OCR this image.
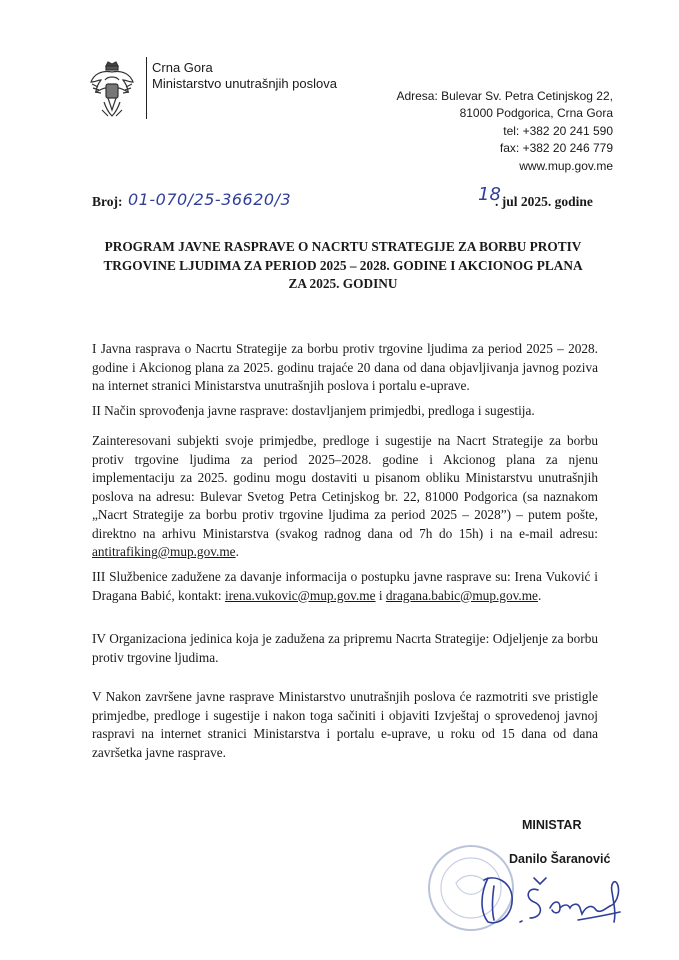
Crna Gora
Ministarstvo unutrašnjih poslova
Adresa: Bulevar Sv. Petra Cetinjskog 22,
81000 Podgorica, Crna Gora
tel: +382 20 241 590
fax: +382 20 246 779
www.mup.gov.me
Broj: 01-070/25-36620/3	18
. jul 2025. godine
PROGRAM JAVNE RASPRAVE O NACRTU STRATEGIJE ZA BORBU PROTIV TRGOVINE LJUDIMA ZA PERIOD 2025 – 2028. GODINE I AKCIONOG PLANA ZA 2025. GODINU
I Javna rasprava o Nacrtu Strategije za borbu protiv trgovine ljudima za period 2025 – 2028. godine i Akcionog plana za 2025. godinu trajaće 20 dana od dana objavljivanja javnog poziva na internet stranici Ministarstva unutrašnjih poslova i portalu e-uprave.
II Način sprovođenja javne rasprave: dostavljanjem primjedbi, predloga i sugestija.
Zainteresovani subjekti svoje primjedbe, predloge i sugestije na Nacrt Strategije za borbu protiv trgovine ljudima za period 2025–2028. godine i Akcionog plana za njenu implementaciju za 2025. godinu mogu dostaviti u pisanom obliku Ministarstvu unutrašnjih poslova na adresu: Bulevar Svetog Petra Cetinjskog br. 22, 81000 Podgorica (sa naznakom „Nacrt Strategije za borbu protiv trgovine ljudima za period 2025 – 2028”) – putem pošte, direktno na arhivu Ministarstva (svakog radnog dana od 7h do 15h) i na e-mail adresu: antitrafiking@mup.gov.me.
III Službenice zadužene za davanje informacija o postupku javne rasprave su: Irena Vuković i Dragana Babić, kontakt: irena.vukovic@mup.gov.me i dragana.babic@mup.gov.me.
IV Organizaciona jedinica koja je zadužena za pripremu Nacrta Strategije: Odjeljenje za borbu protiv trgovine ljudima.
V Nakon završene javne rasprave Ministarstvo unutrašnjih poslova će razmotriti sve pristigle primjedbe, predloge i sugestije i nakon toga sačiniti i objaviti Izvještaj o sprovedenoj javnoj raspravi na internet stranici Ministarstva i portalu e-uprave, u roku od 15 dana od dana završetka javne rasprave.
MINISTAR
Danilo Šaranović
